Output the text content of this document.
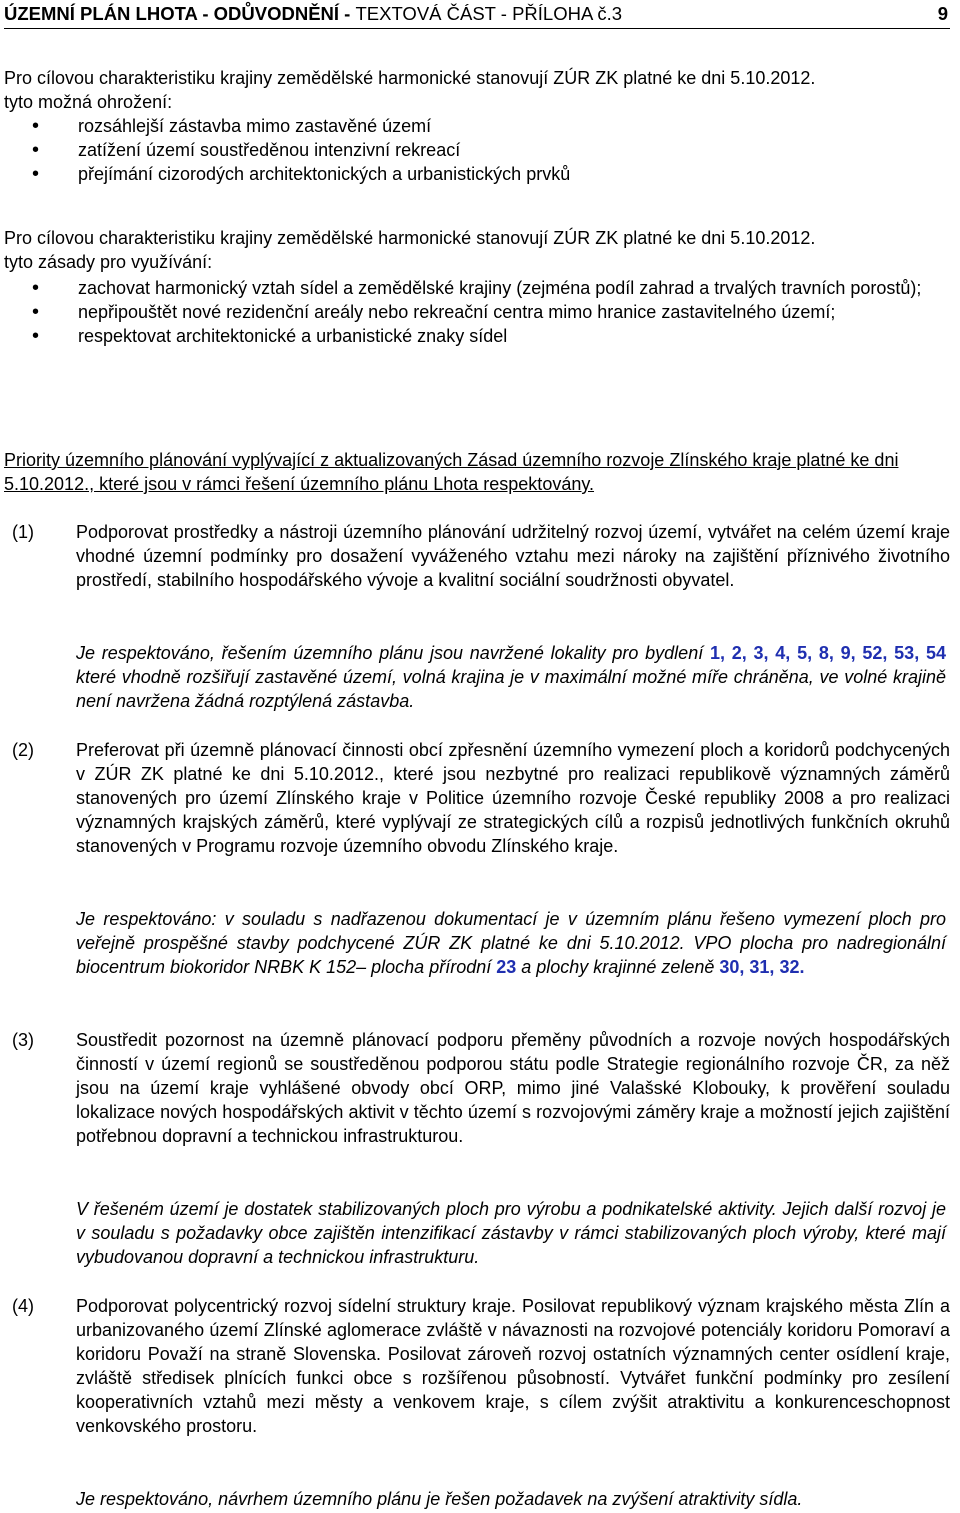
ÚZEMNÍ PLÁN LHOTA - ODŮVODNĚNÍ - TEXTOVÁ ČÁST - PŘÍLOHA č.3	9
Pro cílovou charakteristiku krajiny zemědělské harmonické stanovují ZÚR ZK platné ke dni 5.10.2012.
tyto možná ohrožení:
• rozsáhlejší zástavba mimo zastavěné území
• zatížení území soustředěnou intenzivní rekreací
• přejímání cizorodých architektonických a urbanistických prvků
Pro cílovou charakteristiku krajiny zemědělské harmonické stanovují ZÚR ZK platné ke dni 5.10.2012.
tyto zásady pro využívání:
• zachovat harmonický vztah sídel a zemědělské krajiny (zejména podíl zahrad a trvalých travních porostů);
• nepřipouštět nové rezidenční areály nebo rekreační centra mimo hranice zastavitelného území;
• respektovat architektonické a urbanistické znaky sídel
Priority územního plánování vyplývající z aktualizovaných Zásad územního rozvoje Zlínského kraje platné ke dni 5.10.2012., které jsou v rámci řešení územního plánu Lhota respektovány.
(1) Podporovat prostředky a nástroji územního plánování udržitelný rozvoj území, vytvářet na celém území kraje vhodné územní podmínky pro dosažení vyváženého vztahu mezi nároky na zajištění příznivého životního prostředí, stabilního hospodářského vývoje a kvalitní sociální soudržnosti obyvatel.
Je respektováno, řešením územního plánu jsou navržené lokality pro bydlení 1, 2, 3, 4, 5, 8, 9, 52, 53, 54 které vhodně rozšiřují zastavěné území, volná krajina je v maximální možné míře chráněna, ve volné krajině není navržena žádná rozptýlená zástavba.
(2) Preferovat při územně plánovací činnosti obcí zpřesnění územního vymezení ploch a koridorů podchycených v ZÚR ZK platné ke dni 5.10.2012., které jsou nezbytné pro realizaci republikově významných záměrů stanovených pro území Zlínského kraje v Politice územního rozvoje České republiky 2008 a pro realizaci významných krajských záměrů, které vyplývají ze strategických cílů a rozpisů jednotlivých funkčních okruhů stanovených v Programu rozvoje územního obvodu Zlínského kraje.
Je respektováno: v souladu s nadřazenou dokumentací je v územním plánu řešeno vymezení ploch pro veřejně prospěšné stavby podchycené ZÚR ZK platné ke dni 5.10.2012. VPO plocha pro nadregionální biocentrum biokoridor NRBK K 152– plocha přírodní 23 a plochy krajinné zeleně 30, 31, 32.
(3) Soustředit pozornost na územně plánovací podporu přeměny původních a rozvoje nových hospodářských činností v území regionů se soustředěnou podporou státu podle Strategie regionálního rozvoje ČR, za něž jsou na území kraje vyhlášené obvody obcí ORP, mimo jiné Valašské Klobouky, k prověření souladu lokalizace nových hospodářských aktivit v těchto území s rozvojovými záměry kraje a možností jejich zajištění potřebnou dopravní a technickou infrastrukturou.
V řešeném území je dostatek stabilizovaných ploch pro výrobu a podnikatelské aktivity. Jejich další rozvoj je v souladu s požadavky obce zajištěn intenzifikací zástavby v rámci stabilizovaných ploch výroby, které mají vybudovanou dopravní a technickou infrastrukturu.
(4) Podporovat polycentrický rozvoj sídelní struktury kraje. Posilovat republikový význam krajského města Zlín a urbanizovaného území Zlínské aglomerace zvláště v návaznosti na rozvojové potenciály koridoru Pomoraví a koridoru Považí na straně Slovenska. Posilovat zároveň rozvoj ostatních významných center osídlení kraje, zvláště středisek plnících funkci obce s rozšířenou působností. Vytvářet funkční podmínky pro zesílení kooperativních vztahů mezi městy a venkovem kraje, s cílem zvýšit atraktivitu a konkurenceschopnost venkovského prostoru.
Je respektováno, návrhem územního plánu je řešen požadavek na zvýšení atraktivity sídla.
